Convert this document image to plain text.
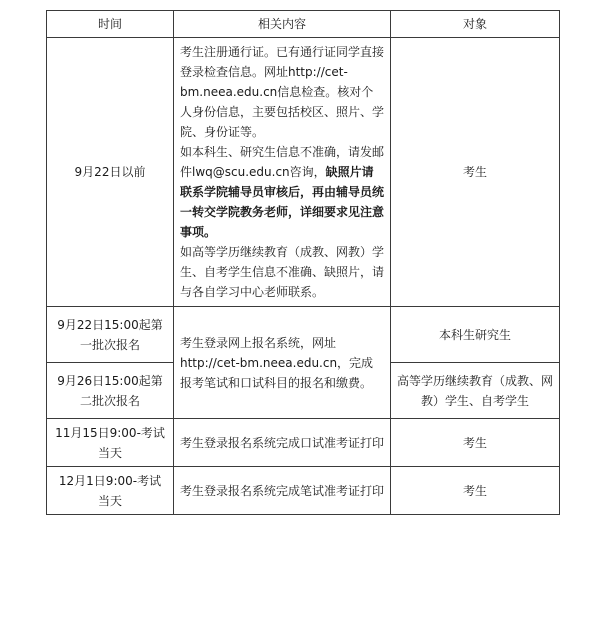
时间	相关内容	对象
9月22日以前	考生注册通行证。已有通行证同学直接登录检查信息。网址http://cet-bm.neea.edu.cn信息检查。核对个人身份信息，主要包括校区、照片、学院、身份证等。
如本科生、研究生信息不准确，请发邮件lwq@scu.edu.cn咨询，缺照片请联系学院辅导员审核后，再由辅导员统一转交学院教务老师，详细要求见注意事项。
如高等学历继续教育（成教、网教）学生、自考学生信息不准确、缺照片，请与各自学习中心老师联系。	考生
9月22日15:00起第一批次报名	考生登录网上报名系统，网址http://cet-bm.neea.edu.cn，完成报考笔试和口试科目的报名和缴费。	本科生研究生
9月26日15:00起第二批次报名		高等学历继续教育（成教、网教）学生、自考学生
11月15日9:00-考试当天	考生登录报名系统完成口试准考证打印	考生
12月1日9:00-考试当天	考生登录报名系统完成笔试准考证打印	考生
